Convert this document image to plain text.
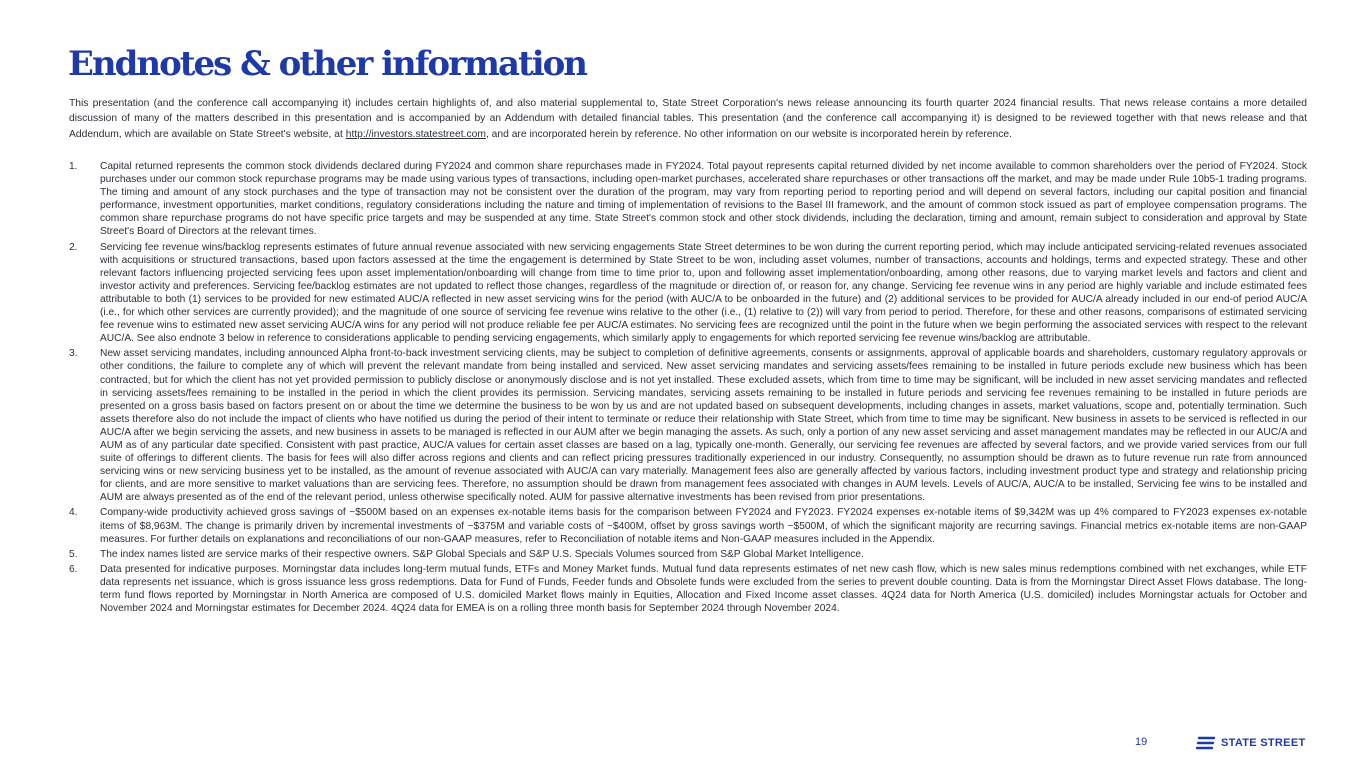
Endnotes & other information

This presentation (and the conference call accompanying it) includes certain highlights of, and also material supplemental to, State Street Corporation's news release announcing its fourth quarter 2024 financial results. That news release contains a more detailed discussion of many of the matters described in this presentation and is accompanied by an Addendum with detailed financial tables. This presentation (and the conference call accompanying it) is designed to be reviewed together with that news release and that Addendum, which are available on State Street's website, at http://investors.statestreet.com, and are incorporated herein by reference. No other information on our website is incorporated herein by reference.

1.	Capital returned represents the common stock dividends declared during FY2024 and common share repurchases made in FY2024. Total payout represents capital returned divided by net income available to common shareholders over the period of FY2024. Stock purchases under our common stock repurchase programs may be made using various types of transactions, including open-market purchases, accelerated share repurchases or other transactions off the market, and may be made under Rule 10b5-1 trading programs. The timing and amount of any stock purchases and the type of transaction may not be consistent over the duration of the program, may vary from reporting period to reporting period and will depend on several factors, including our capital position and financial performance, investment opportunities, market conditions, regulatory considerations including the nature and timing of implementation of revisions to the Basel III framework, and the amount of common stock issued as part of employee compensation programs. The common share repurchase programs do not have specific price targets and may be suspended at any time. State Street's common stock and other stock dividends, including the declaration, timing and amount, remain subject to consideration and approval by State Street's Board of Directors at the relevant times.
2.	Servicing fee revenue wins/backlog represents estimates of future annual revenue associated with new servicing engagements State Street determines to be won during the current reporting period, which may include anticipated servicing-related revenues associated with acquisitions or structured transactions, based upon factors assessed at the time the engagement is determined by State Street to be won, including asset volumes, number of transactions, accounts and holdings, terms and expected strategy. These and other relevant factors influencing projected servicing fees upon asset implementation/onboarding will change from time to time prior to, upon and following asset implementation/onboarding, among other reasons, due to varying market levels and factors and client and investor activity and preferences. Servicing fee/backlog estimates are not updated to reflect those changes, regardless of the magnitude or direction of, or reason for, any change. Servicing fee revenue wins in any period are highly variable and include estimated fees attributable to both (1) services to be provided for new estimated AUC/A reflected in new asset servicing wins for the period (with AUC/A to be onboarded in the future) and (2) additional services to be provided for AUC/A already included in our end-of period AUC/A (i.e., for which other services are currently provided); and the magnitude of one source of servicing fee revenue wins relative to the other (i.e., (1) relative to (2)) will vary from period to period. Therefore, for these and other reasons, comparisons of estimated servicing fee revenue wins to estimated new asset servicing AUC/A wins for any period will not produce reliable fee per AUC/A estimates. No servicing fees are recognized until the point in the future when we begin performing the associated services with respect to the relevant AUC/A. See also endnote 3 below in reference to considerations applicable to pending servicing engagements, which similarly apply to engagements for which reported servicing fee revenue wins/backlog are attributable.
3.	New asset servicing mandates, including announced Alpha front-to-back investment servicing clients, may be subject to completion of definitive agreements, consents or assignments, approval of applicable boards and shareholders, customary regulatory approvals or other conditions, the failure to complete any of which will prevent the relevant mandate from being installed and serviced. New asset servicing mandates and servicing assets/fees remaining to be installed in future periods exclude new business which has been contracted, but for which the client has not yet provided permission to publicly disclose or anonymously disclose and is not yet installed. These excluded assets, which from time to time may be significant, will be included in new asset servicing mandates and reflected in servicing assets/fees remaining to be installed in the period in which the client provides its permission. Servicing mandates, servicing assets remaining to be installed in future periods and servicing fee revenues remaining to be installed in future periods are presented on a gross basis based on factors present on or about the time we determine the business to be won by us and are not updated based on subsequent developments, including changes in assets, market valuations, scope and, potentially termination. Such assets therefore also do not include the impact of clients who have notified us during the period of their intent to terminate or reduce their relationship with State Street, which from time to time may be significant. New business in assets to be serviced is reflected in our AUC/A after we begin servicing the assets, and new business in assets to be managed is reflected in our AUM after we begin managing the assets. As such, only a portion of any new asset servicing and asset management mandates may be reflected in our AUC/A and AUM as of any particular date specified. Consistent with past practice, AUC/A values for certain asset classes are based on a lag, typically one-month. Generally, our servicing fee revenues are affected by several factors, and we provide varied services from our full suite of offerings to different clients. The basis for fees will also differ across regions and clients and can reflect pricing pressures traditionally experienced in our industry. Consequently, no assumption should be drawn as to future revenue run rate from announced servicing wins or new servicing business yet to be installed, as the amount of revenue associated with AUC/A can vary materially. Management fees also are generally affected by various factors, including investment product type and strategy and relationship pricing for clients, and are more sensitive to market valuations than are servicing fees. Therefore, no assumption should be drawn from management fees associated with changes in AUM levels. Levels of AUC/A, AUC/A to be installed, Servicing fee wins to be installed and AUM are always presented as of the end of the relevant period, unless otherwise specifically noted. AUM for passive alternative investments has been revised from prior presentations.
4.	Company-wide productivity achieved gross savings of ~$500M based on an expenses ex-notable items basis for the comparison between FY2024 and FY2023. FY2024 expenses ex-notable items of $9,342M was up 4% compared to FY2023 expenses ex-notable items of $8,963M. The change is primarily driven by incremental investments of ~$375M and variable costs of ~$400M, offset by gross savings worth ~$500M, of which the significant majority are recurring savings. Financial metrics ex-notable items are non-GAAP measures. For further details on explanations and reconciliations of our non-GAAP measures, refer to Reconciliation of notable items and Non-GAAP measures included in the Appendix.
5.	The index names listed are service marks of their respective owners. S&P Global Specials and S&P U.S. Specials Volumes sourced from S&P Global Market Intelligence.
6.	Data presented for indicative purposes. Morningstar data includes long-term mutual funds, ETFs and Money Market funds. Mutual fund data represents estimates of net new cash flow, which is new sales minus redemptions combined with net exchanges, while ETF data represents net issuance, which is gross issuance less gross redemptions. Data for Fund of Funds, Feeder funds and Obsolete funds were excluded from the series to prevent double counting. Data is from the Morningstar Direct Asset Flows database. The long-term fund flows reported by Morningstar in North America are composed of U.S. domiciled Market flows mainly in Equities, Allocation and Fixed Income asset classes. 4Q24 data for North America (U.S. domiciled) includes Morningstar actuals for October and November 2024 and Morningstar estimates for December 2024. 4Q24 data for EMEA is on a rolling three month basis for September 2024 through November 2024.
19	STATE STREET
